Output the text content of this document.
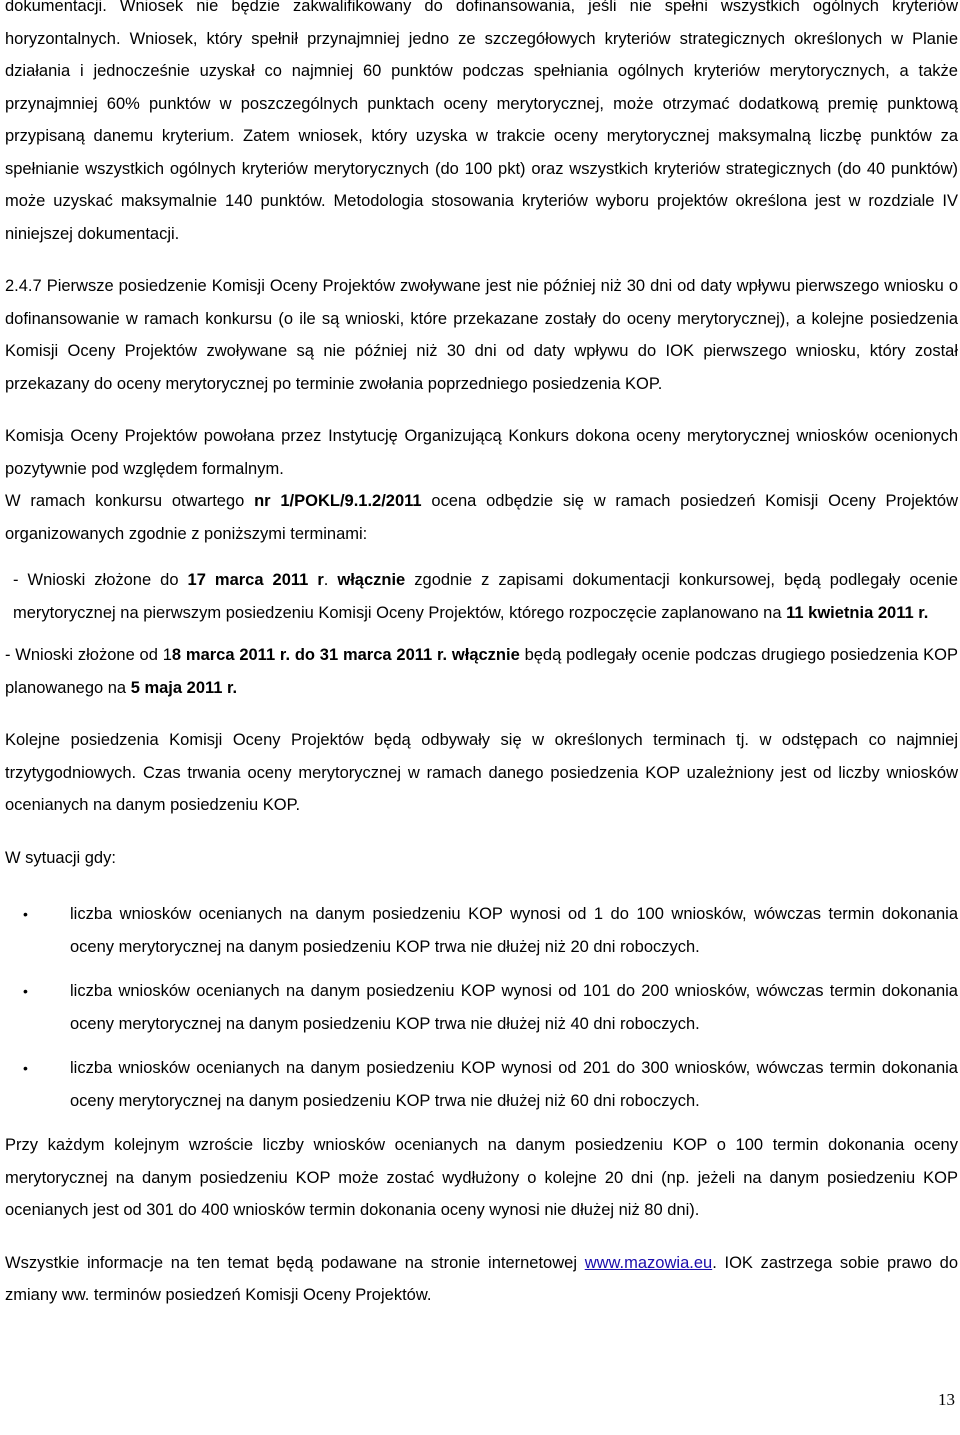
dokumentacji. Wniosek nie będzie zakwalifikowany do dofinansowania, jeśli nie spełni wszystkich ogólnych kryteriów horyzontalnych. Wniosek, który spełnił przynajmniej jedno ze szczegółowych kryteriów strategicznych określonych w Planie działania i jednocześnie uzyskał co najmniej 60 punktów podczas spełniania ogólnych kryteriów merytorycznych, a także przynajmniej 60% punktów w poszczególnych punktach oceny merytorycznej, może otrzymać dodatkową premię punktową przypisaną danemu kryterium. Zatem wniosek, który uzyska w trakcie oceny merytorycznej maksymalną liczbę punktów za spełnianie wszystkich ogólnych kryteriów merytorycznych (do 100 pkt) oraz wszystkich kryteriów strategicznych (do 40 punktów) może uzyskać maksymalnie 140 punktów. Metodologia stosowania kryteriów wyboru projektów określona jest w rozdziale IV niniejszej dokumentacji.

2.4.7 Pierwsze posiedzenie Komisji Oceny Projektów zwoływane jest nie później niż 30 dni od daty wpływu pierwszego wniosku o dofinansowanie w ramach konkursu (o ile są wnioski, które przekazane zostały do oceny merytorycznej), a kolejne posiedzenia Komisji Oceny Projektów zwoływane są nie później niż 30 dni od daty wpływu do IOK pierwszego wniosku, który został przekazany do oceny merytorycznej po terminie zwołania poprzedniego posiedzenia KOP.

Komisja Oceny Projektów powołana przez Instytucję Organizującą Konkurs dokona oceny merytorycznej wniosków ocenionych pozytywnie pod względem formalnym.

W ramach konkursu otwartego nr 1/POKL/9.1.2/2011 ocena odbędzie się w ramach posiedzeń Komisji Oceny Projektów organizowanych zgodnie z poniższymi terminami:

- Wnioski złożone do 17 marca 2011 r. włącznie zgodnie z zapisami dokumentacji konkursowej, będą podlegały ocenie merytorycznej na pierwszym posiedzeniu Komisji Oceny Projektów, którego rozpoczęcie zaplanowano na 11 kwietnia 2011 r.

- Wnioski złożone od 18 marca 2011 r. do 31 marca 2011 r. włącznie będą podlegały ocenie podczas drugiego posiedzenia KOP planowanego na 5 maja 2011 r.

Kolejne posiedzenia Komisji Oceny Projektów będą odbywały się w określonych terminach tj. w odstępach co najmniej trzytygodniowych. Czas trwania oceny merytorycznej w ramach danego posiedzenia KOP uzależniony jest od liczby wniosków ocenianych na danym posiedzeniu KOP.

W sytuacji gdy:

•	liczba wniosków ocenianych na danym posiedzeniu KOP wynosi od 1 do 100 wniosków, wówczas termin dokonania oceny merytorycznej na danym posiedzeniu KOP trwa nie dłużej niż 20 dni roboczych.
•	liczba wniosków ocenianych na danym posiedzeniu KOP wynosi od 101 do 200 wniosków, wówczas termin dokonania oceny merytorycznej na danym posiedzeniu KOP trwa nie dłużej niż 40 dni roboczych.
•	liczba wniosków ocenianych na danym posiedzeniu KOP wynosi od 201 do 300 wniosków, wówczas termin dokonania oceny merytorycznej na danym posiedzeniu KOP trwa nie dłużej niż 60 dni roboczych.

Przy każdym kolejnym wzroście liczby wniosków ocenianych na danym posiedzeniu KOP o 100 termin dokonania oceny merytorycznej na danym posiedzeniu KOP może zostać wydłużony o kolejne 20 dni (np. jeżeli na danym posiedzeniu KOP ocenianych jest od 301 do 400 wniosków termin dokonania oceny wynosi nie dłużej niż 80 dni).

Wszystkie informacje na ten temat będą podawane na stronie internetowej www.mazowia.eu. IOK zastrzega sobie prawo do zmiany ww. terminów posiedzeń Komisji Oceny Projektów.

13
